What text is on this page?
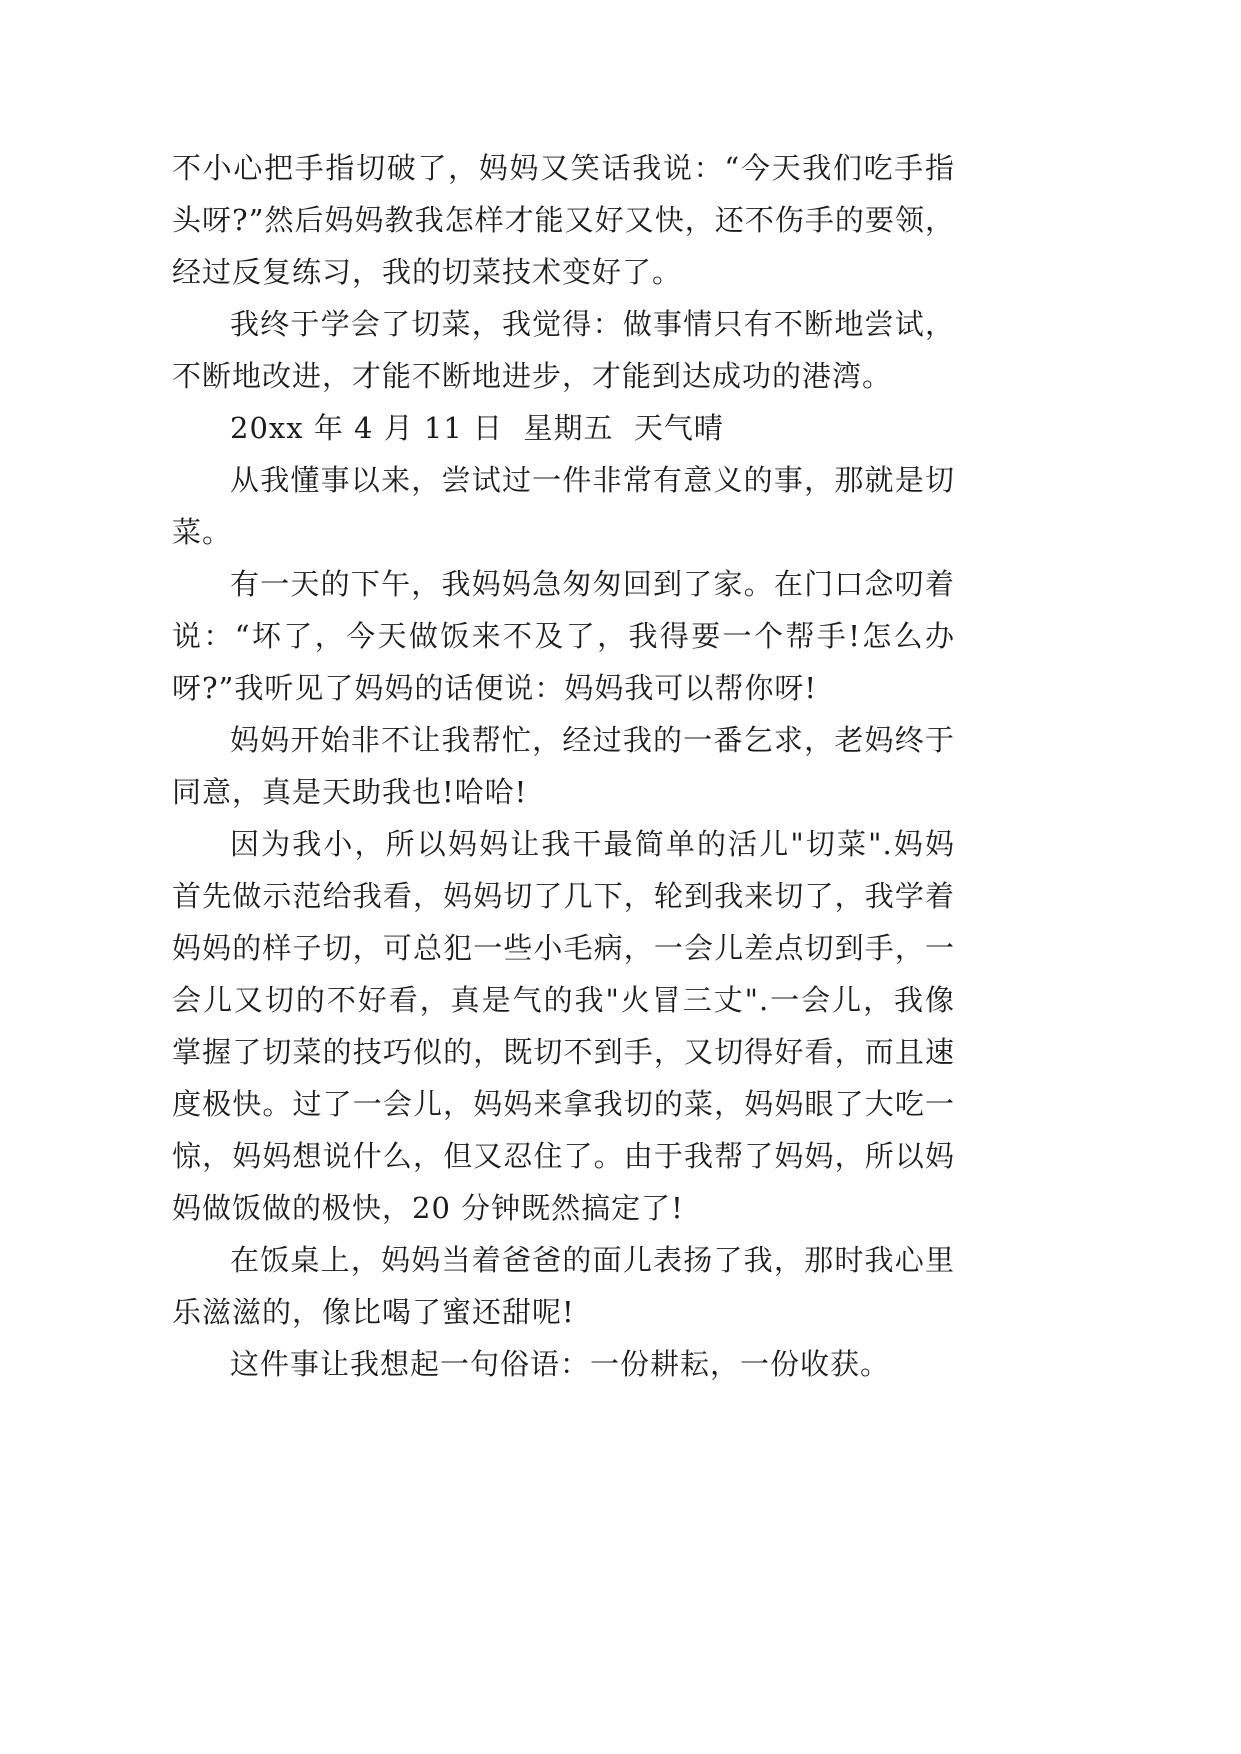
不小心把手指切破了，妈妈又笑话我说：“今天我们吃手指
头呀?”然后妈妈教我怎样才能又好又快，还不伤手的要领，
经过反复练习，我的切菜技术变好了。
我终于学会了切菜，我觉得：做事情只有不断地尝试，
不断地改进，才能不断地进步，才能到达成功的港湾。
20xx 年 4 月 11 日  星期五  天气晴
从我懂事以来，尝试过一件非常有意义的事，那就是切
菜。
有一天的下午，我妈妈急匆匆回到了家。在门口念叨着
说：“坏了，今天做饭来不及了，我得要一个帮手!怎么办
呀?”我听见了妈妈的话便说：妈妈我可以帮你呀!
妈妈开始非不让我帮忙，经过我的一番乞求，老妈终于
同意，真是天助我也!哈哈!
因为我小，所以妈妈让我干最简单的活儿"切菜".妈妈
首先做示范给我看，妈妈切了几下，轮到我来切了，我学着
妈妈的样子切，可总犯一些小毛病，一会儿差点切到手，一
会儿又切的不好看，真是气的我"火冒三丈".一会儿，我像
掌握了切菜的技巧似的，既切不到手，又切得好看，而且速
度极快。过了一会儿，妈妈来拿我切的菜，妈妈眼了大吃一
惊，妈妈想说什么，但又忍住了。由于我帮了妈妈，所以妈
妈做饭做的极快，20 分钟既然搞定了!
在饭桌上，妈妈当着爸爸的面儿表扬了我，那时我心里
乐滋滋的，像比喝了蜜还甜呢!
这件事让我想起一句俗语：一份耕耘，一份收获。
